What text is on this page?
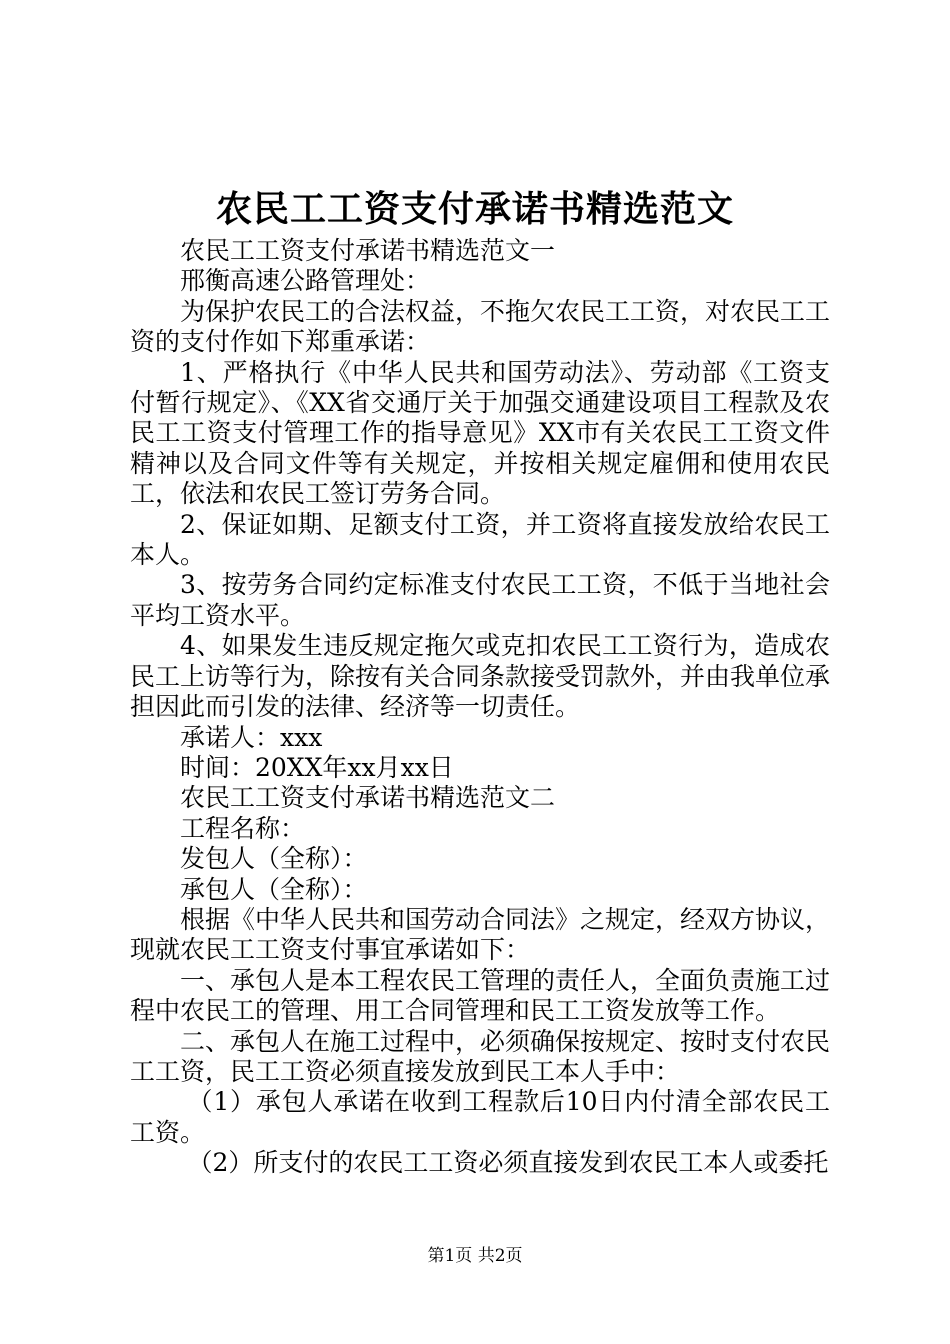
农民工工资支付承诺书精选范文

农民工工资支付承诺书精选范文一

邢衡高速公路管理处：

为保护农民工的合法权益，不拖欠农民工工资，对农民工工资的支付作如下郑重承诺：

1、严格执行《中华人民共和国劳动法》、劳动部《工资支付暂行规定》、《XX省交通厅关于加强交通建设项目工程款及农民工工资支付管理工作的指导意见》XX市有关农民工工资文件精神以及合同文件等有关规定，并按相关规定雇佣和使用农民工，依法和农民工签订劳务合同。

2、保证如期、足额支付工资，并工资将直接发放给农民工本人。

3、按劳务合同约定标准支付农民工工资，不低于当地社会平均工资水平。

4、如果发生违反规定拖欠或克扣农民工工资行为，造成农民工上访等行为，除按有关合同条款接受罚款外，并由我单位承担因此而引发的法律、经济等一切责任。

承诺人：xxx

时间：20XX年xx月xx日

农民工工资支付承诺书精选范文二

工程名称：

发包人（全称）：

承包人（全称）：

根据《中华人民共和国劳动合同法》之规定，经双方协议，现就农民工工资支付事宜承诺如下：

一、承包人是本工程农民工管理的责任人，全面负责施工过程中农民工的管理、用工合同管理和民工工资发放等工作。

二、承包人在施工过程中，必须确保按规定、按时支付农民工工资，民工工资必须直接发放到民工本人手中：

（1）承包人承诺在收到工程款后10日内付清全部农民工工资。

（2）所支付的农民工工资必须直接发到农民工本人或委托

第1页 共2页
